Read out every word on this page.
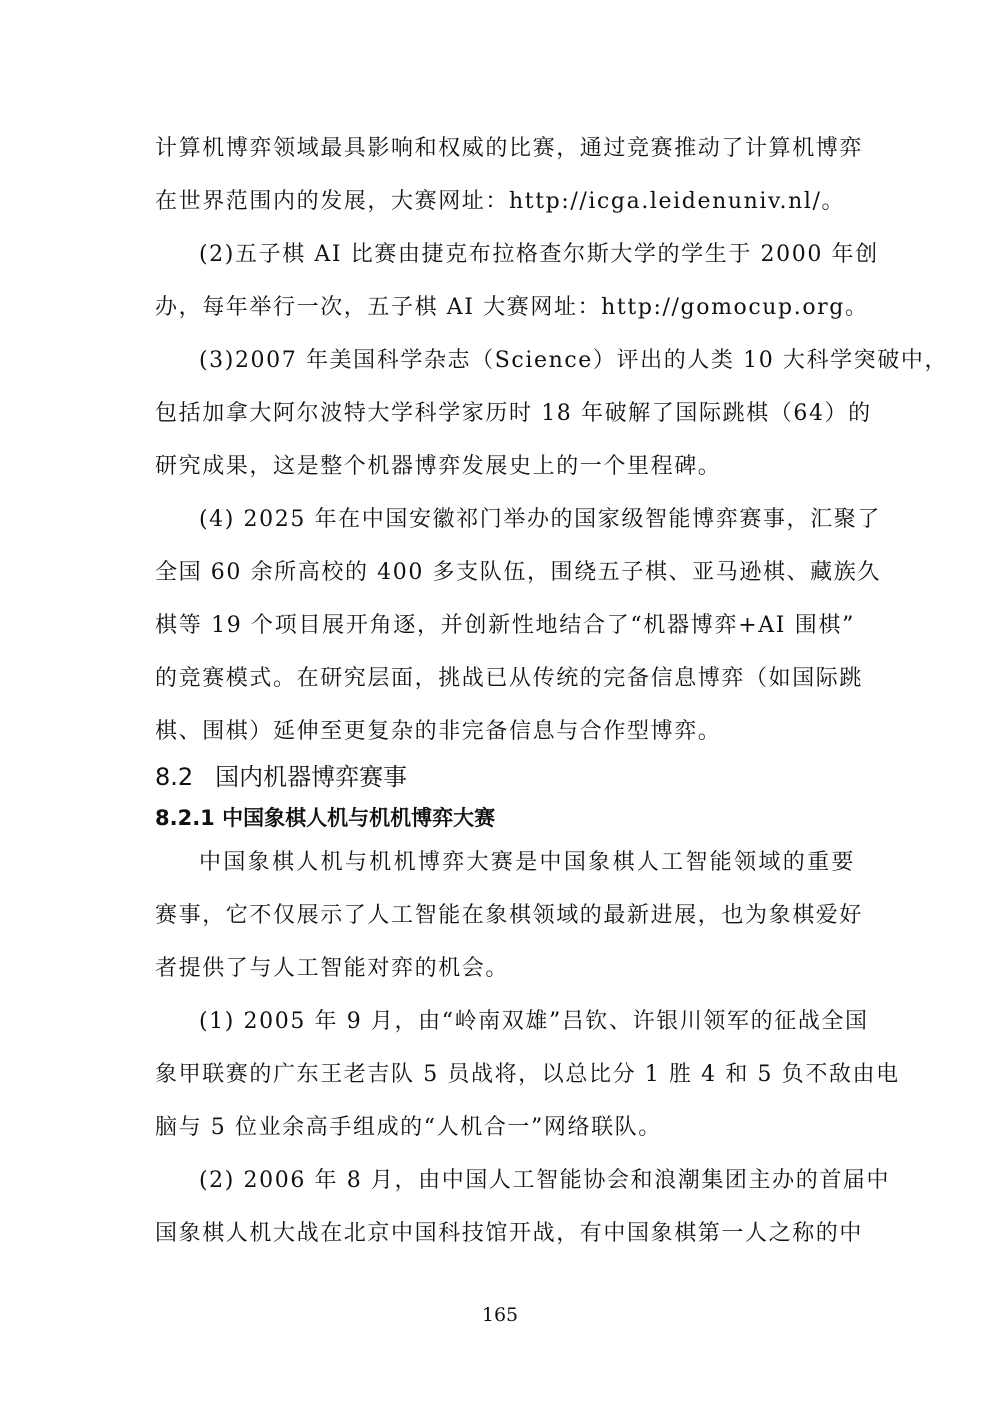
计算机博弈领域最具影响和权威的比赛，通过竞赛推动了计算机博弈
在世界范围内的发展，大赛网址：http://icga.leidenuniv.nl/。
(2)五子棋 AI 比赛由捷克布拉格查尔斯大学的学生于 2000 年创
办，每年举行一次，五子棋 AI 大赛网址：http://gomocup.org。
(3)2007 年美国科学杂志（Science）评出的人类 10 大科学突破中，
包括加拿大阿尔波特大学科学家历时 18 年破解了国际跳棋（64）的
研究成果，这是整个机器博弈发展史上的一个里程碑。
(4) 2025 年在中国安徽祁门举办的国家级智能博弈赛事，汇聚了
全国 60 余所高校的 400 多支队伍，围绕五子棋、亚马逊棋、藏族久
棋等 19 个项目展开角逐，并创新性地结合了“机器博弈+AI 围棋”
的竞赛模式。在研究层面，挑战已从传统的完备信息博弈（如国际跳
棋、围棋）延伸至更复杂的非完备信息与合作型博弈。
8.2 国内机器博弈赛事
8.2.1 中国象棋人机与机机博弈大赛
中国象棋人机与机机博弈大赛是中国象棋人工智能领域的重要
赛事，它不仅展示了人工智能在象棋领域的最新进展，也为象棋爱好
者提供了与人工智能对弈的机会。
(1) 2005 年 9 月，由“岭南双雄”吕钦、许银川领军的征战全国
象甲联赛的广东王老吉队 5 员战将，以总比分 1 胜 4 和 5 负不敌由电
脑与 5 位业余高手组成的“人机合一”网络联队。
(2) 2006 年 8 月，由中国人工智能协会和浪潮集团主办的首届中
国象棋人机大战在北京中国科技馆开战，有中国象棋第一人之称的中
165
